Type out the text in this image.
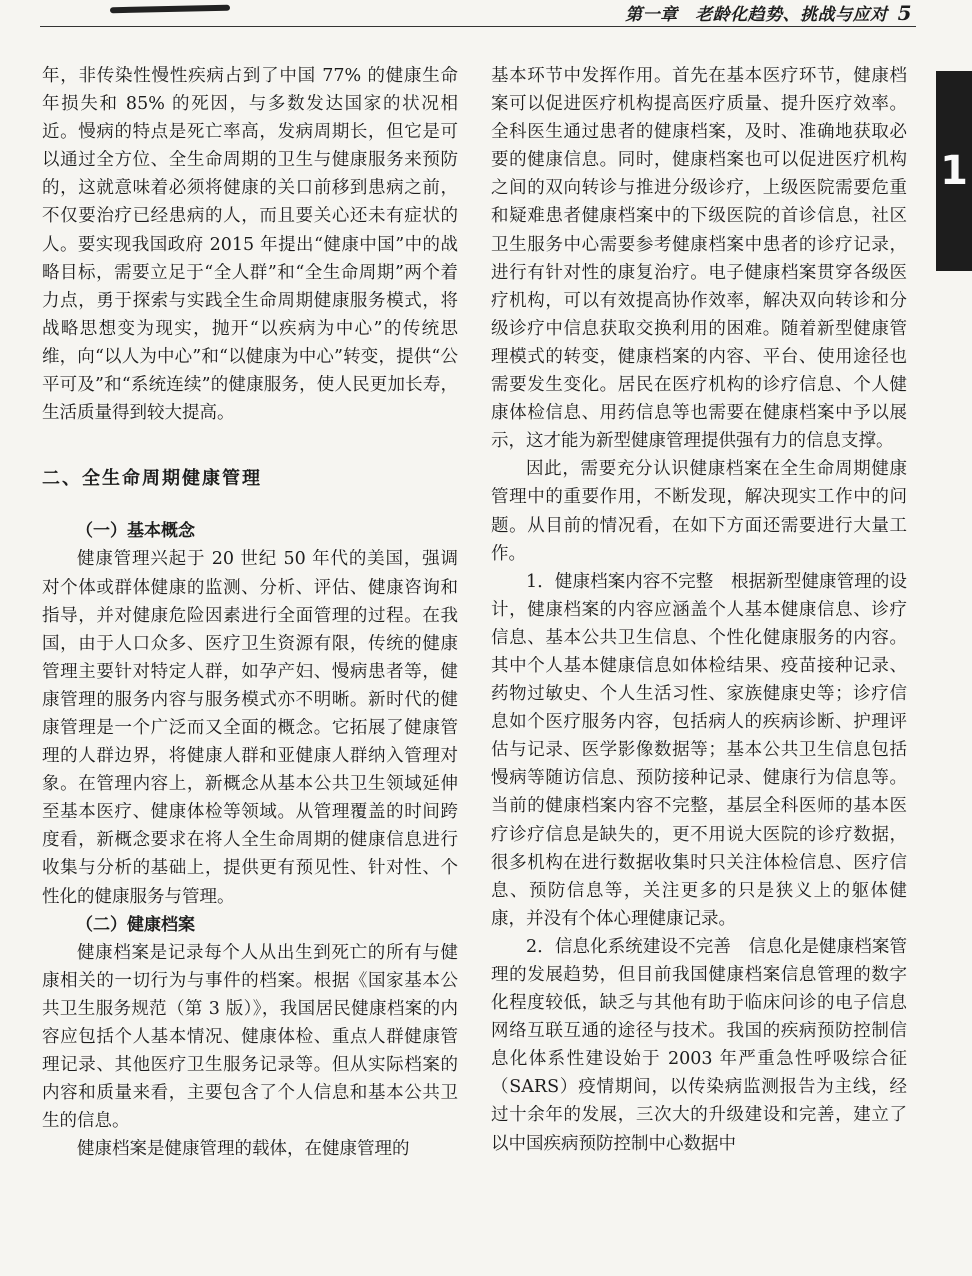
第一章　老龄化趋势、挑战与应对 5
1

年，非传染性慢性疾病占到了中国 77% 的健康生命年损失和 85% 的死因，与多数发达国家的状况相近。慢病的特点是死亡率高，发病周期长，但它是可以通过全方位、全生命周期的卫生与健康服务来预防的，这就意味着必须将健康的关口前移到患病之前，不仅要治疗已经患病的人，而且要关心还未有症状的人。要实现我国政府 2015 年提出“健康中国”中的战略目标，需要立足于“全人群”和“全生命周期”两个着力点，勇于探索与实践全生命周期健康服务模式，将战略思想变为现实，抛开“以疾病为中心”的传统思维，向“以人为中心”和“以健康为中心”转变，提供“公平可及”和“系统连续”的健康服务，使人民更加长寿，生活质量得到较大提高。

二、全生命周期健康管理

（一）基本概念

健康管理兴起于 20 世纪 50 年代的美国，强调对个体或群体健康的监测、分析、评估、健康咨询和指导，并对健康危险因素进行全面管理的过程。在我国，由于人口众多、医疗卫生资源有限，传统的健康管理主要针对特定人群，如孕产妇、慢病患者等，健康管理的服务内容与服务模式亦不明晰。新时代的健康管理是一个广泛而又全面的概念。它拓展了健康管理的人群边界，将健康人群和亚健康人群纳入管理对象。在管理内容上，新概念从基本公共卫生领域延伸至基本医疗、健康体检等领域。从管理覆盖的时间跨度看，新概念要求在将人全生命周期的健康信息进行收集与分析的基础上，提供更有预见性、针对性、个性化的健康服务与管理。

（二）健康档案

健康档案是记录每个人从出生到死亡的所有与健康相关的一切行为与事件的档案。根据《国家基本公共卫生服务规范（第 3 版）》，我国居民健康档案的内容应包括个人基本情况、健康体检、重点人群健康管理记录、其他医疗卫生服务记录等。但从实际档案的内容和质量来看，主要包含了个人信息和基本公共卫生的信息。

健康档案是健康管理的载体，在健康管理的

基本环节中发挥作用。首先在基本医疗环节，健康档案可以促进医疗机构提高医疗质量、提升医疗效率。全科医生通过患者的健康档案，及时、准确地获取必要的健康信息。同时，健康档案也可以促进医疗机构之间的双向转诊与推进分级诊疗，上级医院需要危重和疑难患者健康档案中的下级医院的首诊信息，社区卫生服务中心需要参考健康档案中患者的诊疗记录，进行有针对性的康复治疗。电子健康档案贯穿各级医疗机构，可以有效提高协作效率，解决双向转诊和分级诊疗中信息获取交换利用的困难。随着新型健康管理模式的转变，健康档案的内容、平台、使用途径也需要发生变化。居民在医疗机构的诊疗信息、个人健康体检信息、用药信息等也需要在健康档案中予以展示，这才能为新型健康管理提供强有力的信息支撑。

因此，需要充分认识健康档案在全生命周期健康管理中的重要作用，不断发现，解决现实工作中的问题。从目前的情况看，在如下方面还需要进行大量工作。

1．健康档案内容不完整　 根据新型健康管理的设计，健康档案的内容应涵盖个人基本健康信息、诊疗信息、基本公共卫生信息、个性化健康服务的内容。其中个人基本健康信息如体检结果、疫苗接种记录、药物过敏史、个人生活习性、家族健康史等；诊疗信息如个医疗服务内容，包括病人的疾病诊断、护理评估与记录、医学影像数据等；基本公共卫生信息包括慢病等随访信息、预防接种记录、健康行为信息等。当前的健康档案内容不完整，基层全科医师的基本医疗诊疗信息是缺失的，更不用说大医院的诊疗数据，很多机构在进行数据收集时只关注体检信息、医疗信息、预防信息等，关注更多的只是狭义上的躯体健康，并没有个体心理健康记录。

2．信息化系统建设不完善　 信息化是健康档案管理的发展趋势，但目前我国健康档案信息管理的数字化程度较低，缺乏与其他有助于临床问诊的电子信息网络互联互通的途径与技术。我国的疾病预防控制信息化体系性建设始于 2003 年严重急性呼吸综合征（SARS）疫情期间，以传染病监测报告为主线，经过十余年的发展，三次大的升级建设和完善，建立了以中国疾病预防控制中心数据中
